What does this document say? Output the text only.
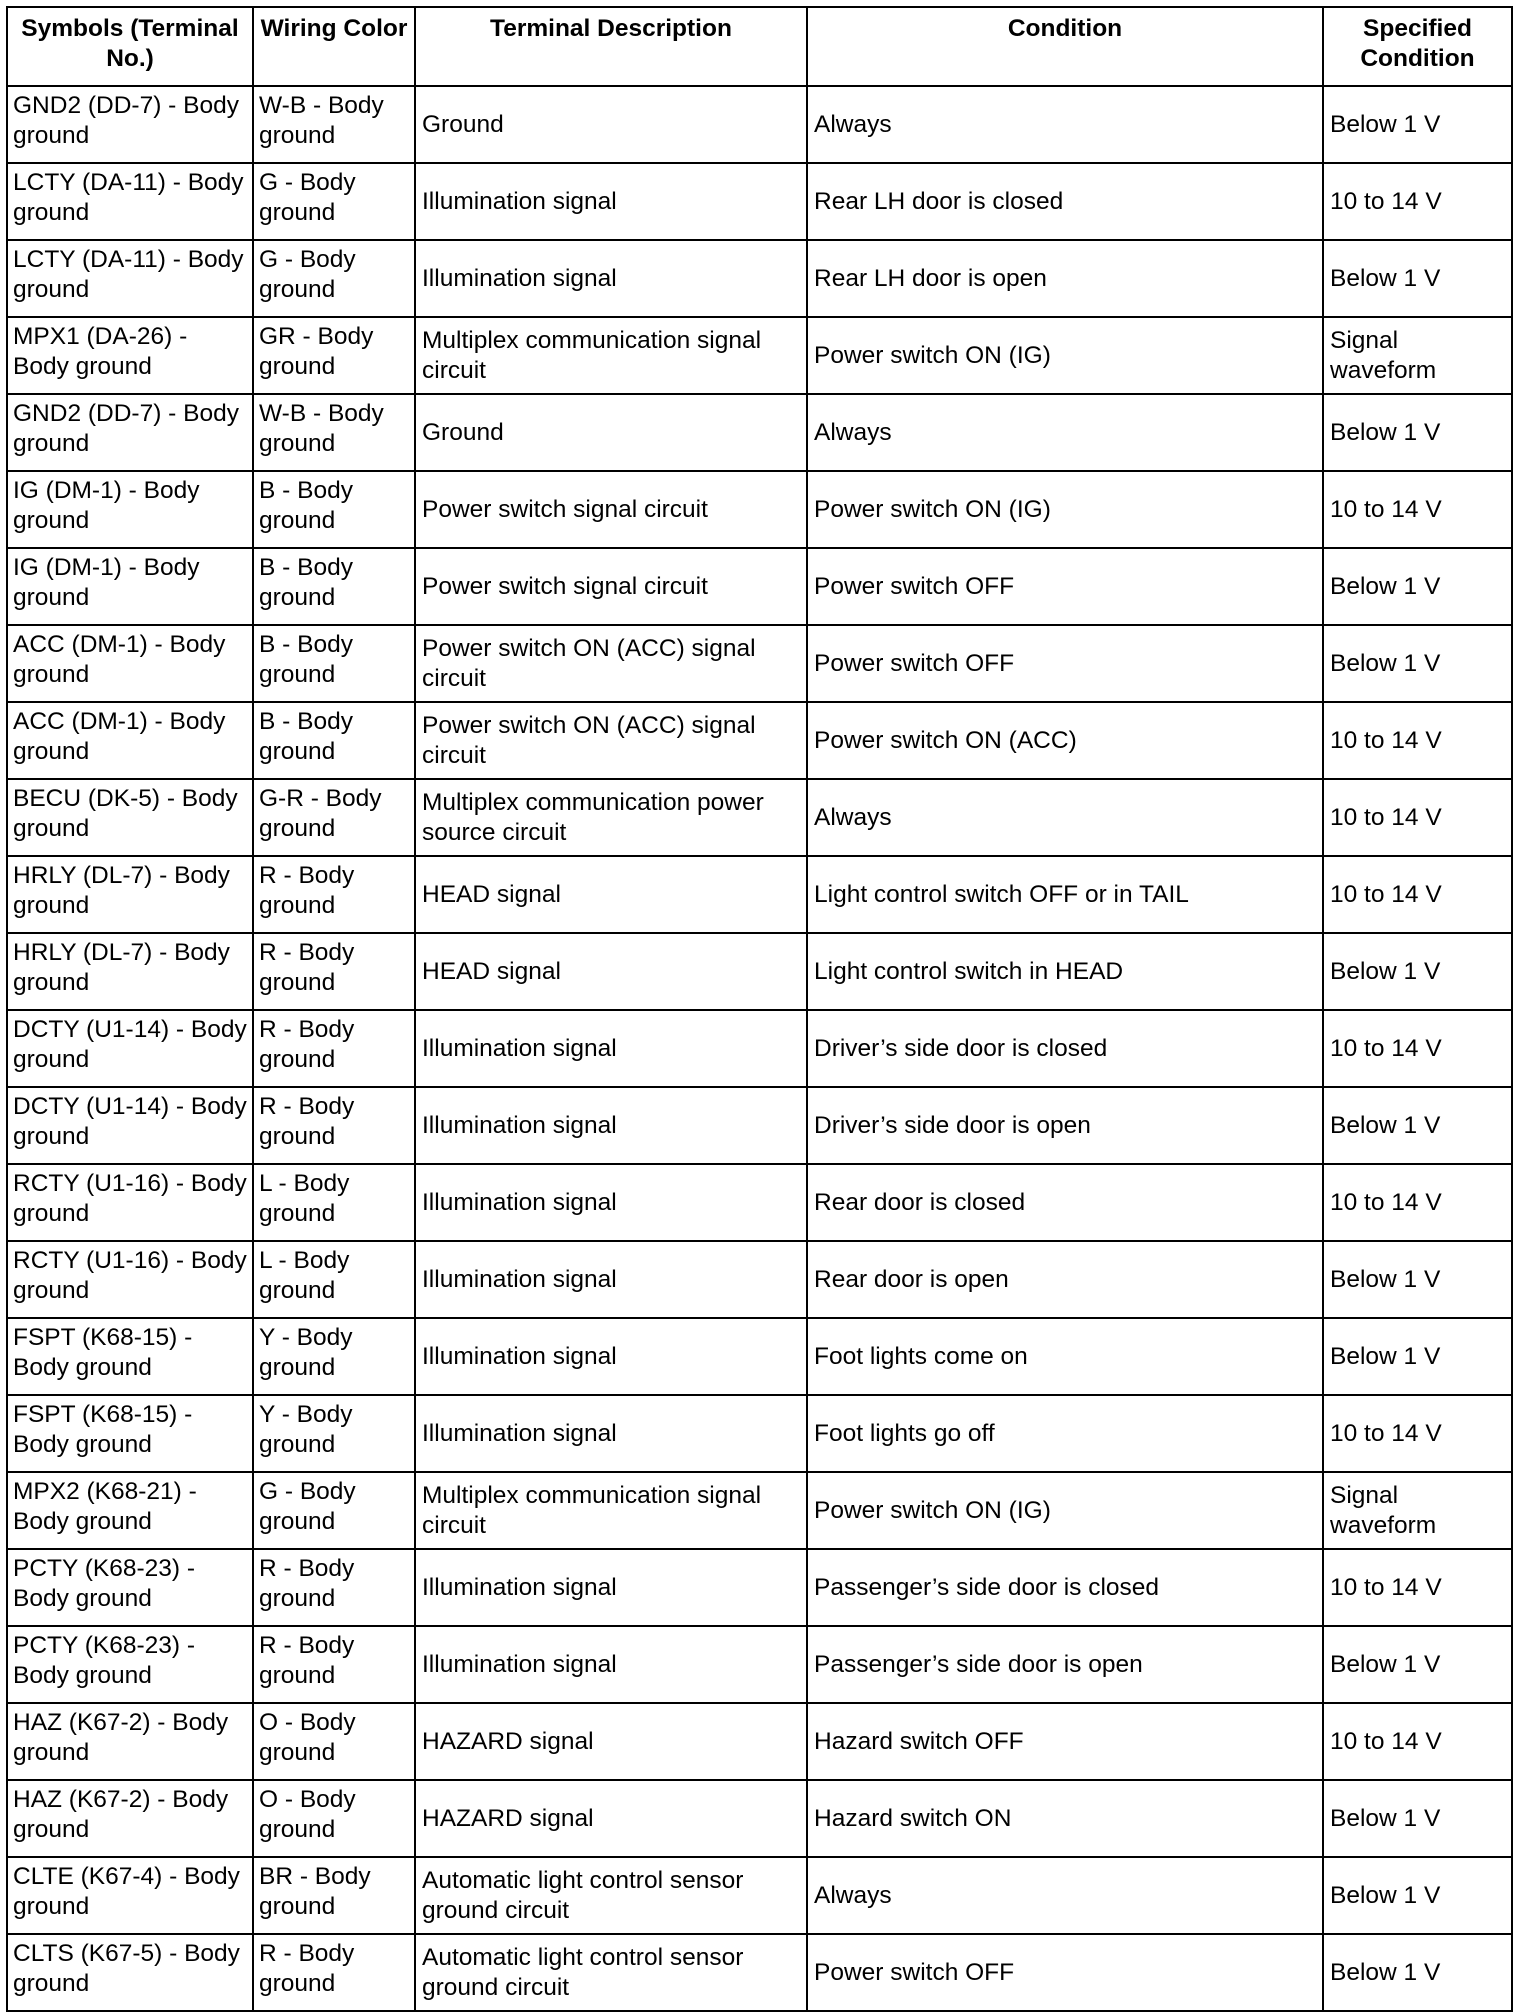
Symbols (Terminal No.)	Wiring Color	Terminal Description	Condition	Specified Condition
GND2 (DD-7) - Body ground	W-B - Body ground	Ground	Always	Below 1 V
LCTY (DA-11) - Body ground	G - Body ground	Illumination signal	Rear LH door is closed	10 to 14 V
LCTY (DA-11) - Body ground	G - Body ground	Illumination signal	Rear LH door is open	Below 1 V
MPX1 (DA-26) - Body ground	GR - Body ground	Multiplex communication signal circuit	Power switch ON (IG)	Signal waveform
GND2 (DD-7) - Body ground	W-B - Body ground	Ground	Always	Below 1 V
IG (DM-1) - Body ground	B - Body ground	Power switch signal circuit	Power switch ON (IG)	10 to 14 V
IG (DM-1) - Body ground	B - Body ground	Power switch signal circuit	Power switch OFF	Below 1 V
ACC (DM-1) - Body ground	B - Body ground	Power switch ON (ACC) signal circuit	Power switch OFF	Below 1 V
ACC (DM-1) - Body ground	B - Body ground	Power switch ON (ACC) signal circuit	Power switch ON (ACC)	10 to 14 V
BECU (DK-5) - Body ground	G-R - Body ground	Multiplex communication power source circuit	Always	10 to 14 V
HRLY (DL-7) - Body ground	R - Body ground	HEAD signal	Light control switch OFF or in TAIL	10 to 14 V
HRLY (DL-7) - Body ground	R - Body ground	HEAD signal	Light control switch in HEAD	Below 1 V
DCTY (U1-14) - Body ground	R - Body ground	Illumination signal	Driver’s side door is closed	10 to 14 V
DCTY (U1-14) - Body ground	R - Body ground	Illumination signal	Driver’s side door is open	Below 1 V
RCTY (U1-16) - Body ground	L - Body ground	Illumination signal	Rear door is closed	10 to 14 V
RCTY (U1-16) - Body ground	L - Body ground	Illumination signal	Rear door is open	Below 1 V
FSPT (K68-15) - Body ground	Y - Body ground	Illumination signal	Foot lights come on	Below 1 V
FSPT (K68-15) - Body ground	Y - Body ground	Illumination signal	Foot lights go off	10 to 14 V
MPX2 (K68-21) - Body ground	G - Body ground	Multiplex communication signal circuit	Power switch ON (IG)	Signal waveform
PCTY (K68-23) - Body ground	R - Body ground	Illumination signal	Passenger’s side door is closed	10 to 14 V
PCTY (K68-23) - Body ground	R - Body ground	Illumination signal	Passenger’s side door is open	Below 1 V
HAZ (K67-2) - Body ground	O - Body ground	HAZARD signal	Hazard switch OFF	10 to 14 V
HAZ (K67-2) - Body ground	O - Body ground	HAZARD signal	Hazard switch ON	Below 1 V
CLTE (K67-4) - Body ground	BR - Body ground	Automatic light control sensor ground circuit	Always	Below 1 V
CLTS (K67-5) - Body ground	R - Body ground	Automatic light control sensor ground circuit	Power switch OFF	Below 1 V
